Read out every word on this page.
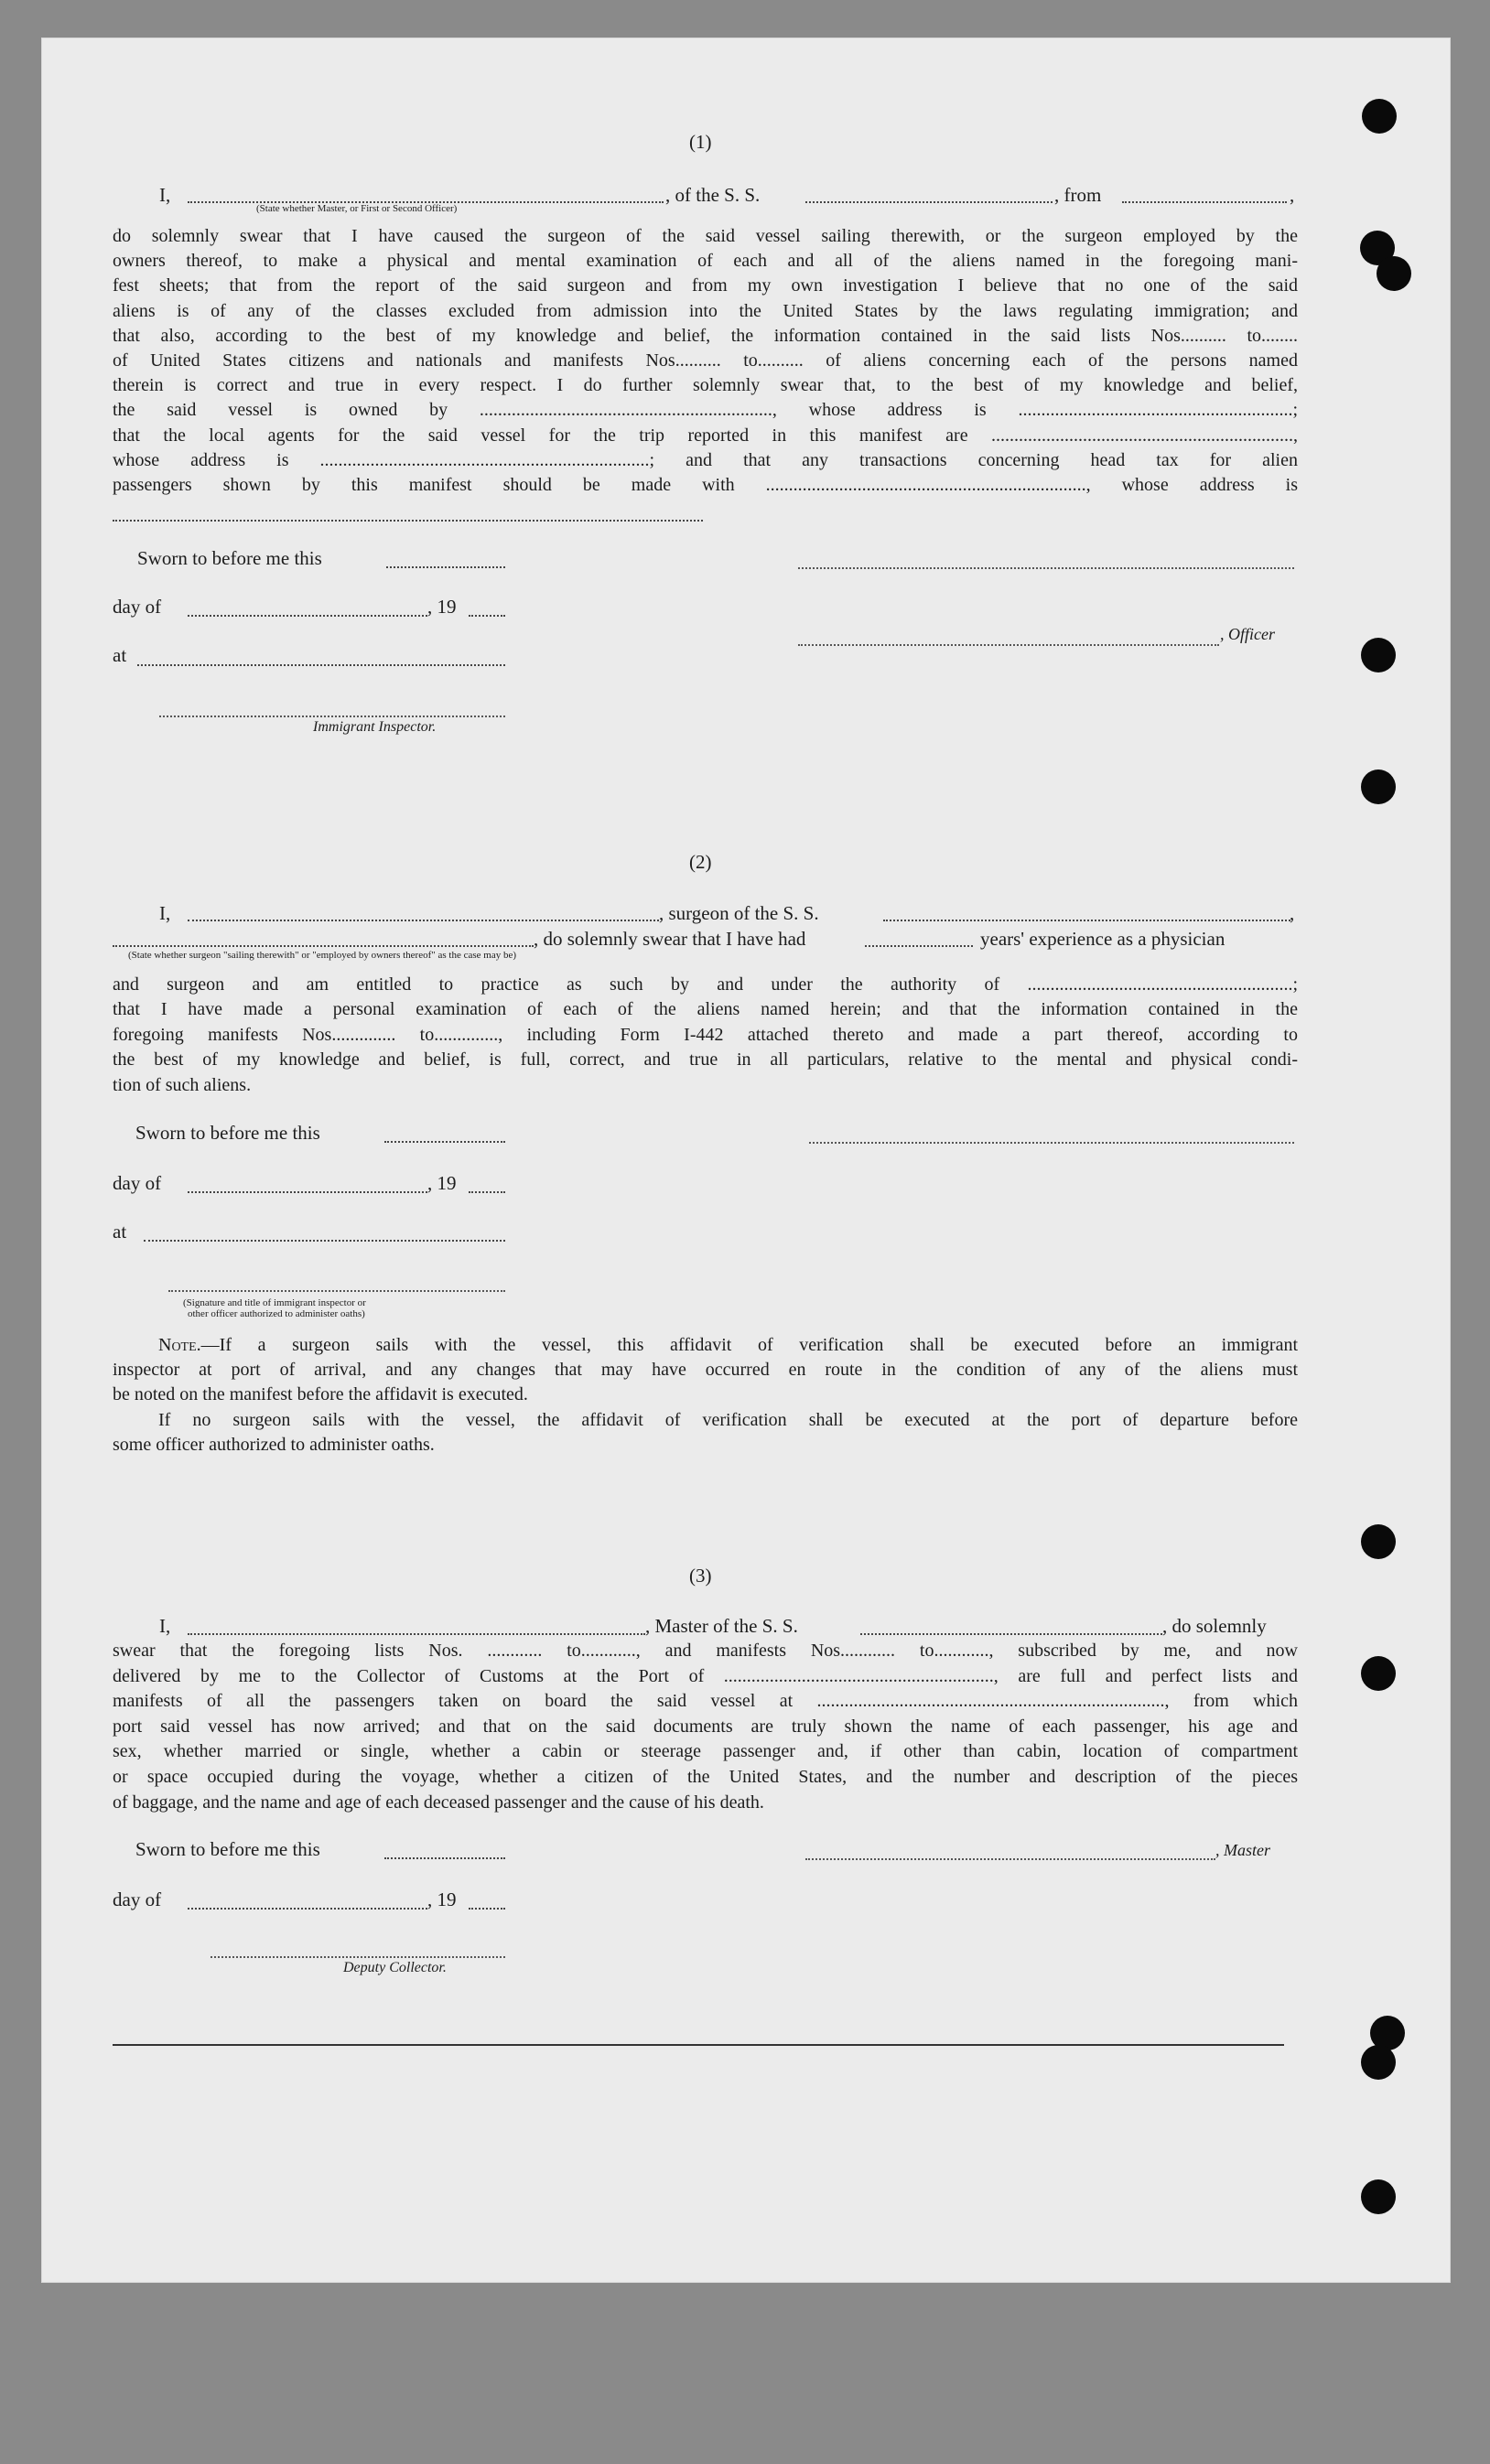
(1)
I,	, of the S. S.	, from	,
(State whether Master, or First or Second Officer)
do solemnly swear that I have caused the surgeon of the said vessel sailing therewith, or the surgeon employed by the
owners thereof, to make a physical and mental examination of each and all of the aliens named in the foregoing mani-
fest sheets; that from the report of the said surgeon and from my own investigation I believe that no one of the said
aliens is of any of the classes excluded from admission into the United States by the laws regulating immigration; and
that also, according to the best of my knowledge and belief, the information contained in the said lists Nos.......... to........
of United States citizens and nationals and manifests Nos.......... to.......... of aliens concerning each of the persons named
therein is correct and true in every respect. I do further solemnly swear that, to the best of my knowledge and belief,
the said vessel is owned by ................................................................, whose address is ............................................................;
that the local agents for the said vessel for the trip reported in this manifest are ..................................................................,
whose address is ........................................................................; and that any transactions concerning head tax for alien
passengers shown by this manifest should be made with ......................................................................, whose address is
Sworn to before me this
day of	, 19
, Officer
at
Immigrant Inspector.
(2)
I,	, surgeon of the S. S.	,
, do solemnly swear that I have had	years' experience as a physician
(State whether surgeon "sailing therewith" or "employed by owners thereof" as the case may be)
and surgeon and am entitled to practice as such by and under the authority of ..........................................................;
that I have made a personal examination of each of the aliens named herein; and that the information contained in the
foregoing manifests Nos.............. to.............., including Form I-442 attached thereto and made a part thereof, according to
the best of my knowledge and belief, is full, correct, and true in all particulars, relative to the mental and physical condi-
tion of such aliens.
Sworn to before me this
day of	, 19
at
(Signature and title of immigrant inspector or
other officer authorized to administer oaths)
Note.—If a surgeon sails with the vessel, this affidavit of verification shall be executed before an immigrant
inspector at port of arrival, and any changes that may have occurred en route in the condition of any of the aliens must
be noted on the manifest before the affidavit is executed.
If no surgeon sails with the vessel, the affidavit of verification shall be executed at the port of departure before
some officer authorized to administer oaths.
(3)
I,	, Master of the S. S.	, do solemnly
swear that the foregoing lists Nos. ............ to............, and manifests Nos............ to............, subscribed by me, and now
delivered by me to the Collector of Customs at the Port of ..........................................................., are full and perfect lists and
manifests of all the passengers taken on board the said vessel at ............................................................................, from which
port said vessel has now arrived; and that on the said documents are truly shown the name of each passenger, his age and
sex, whether married or single, whether a cabin or steerage passenger and, if other than cabin, location of compartment
or space occupied during the voyage, whether a citizen of the United States, and the number and description of the pieces
of baggage, and the name and age of each deceased passenger and the cause of his death.
Sworn to before me this	, Master
day of	, 19
Deputy Collector.
